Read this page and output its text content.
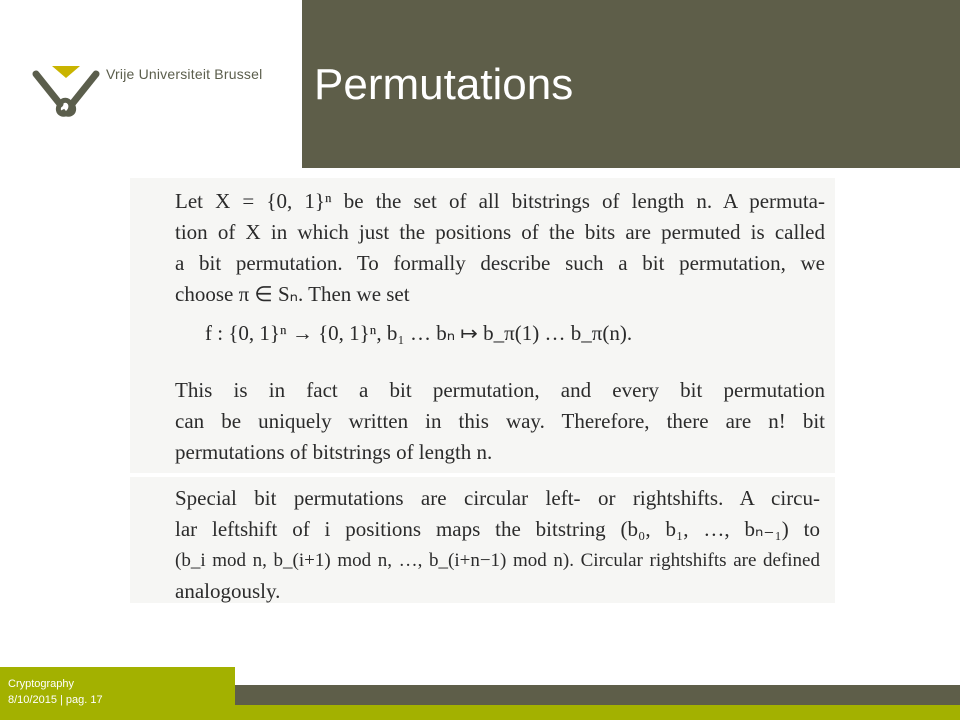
Vrije Universiteit Brussel Permutations
Let X = {0, 1}ⁿ be the set of all bitstrings of length n. A permuta-
tion of X in which just the positions of the bits are permuted is called
a bit permutation. To formally describe such a bit permutation, we
choose π ∈ Sₙ. Then we set
f : {0, 1}ⁿ → {0, 1}ⁿ, b₁ … bₙ ↦ b_π(1) … b_π(n).
This is in fact a bit permutation, and every bit permutation
can be uniquely written in this way. Therefore, there are n! bit
permutations of bitstrings of length n.
Special bit permutations are circular left- or rightshifts. A circu-
lar leftshift of i positions maps the bitstring (b₀, b₁, …, bₙ₋₁) to
(b_i mod n, b_(i+1) mod n, …, b_(i+n−1) mod n). Circular rightshifts are defined
analogously.
Cryptography
8/10/2015 | pag. 17
